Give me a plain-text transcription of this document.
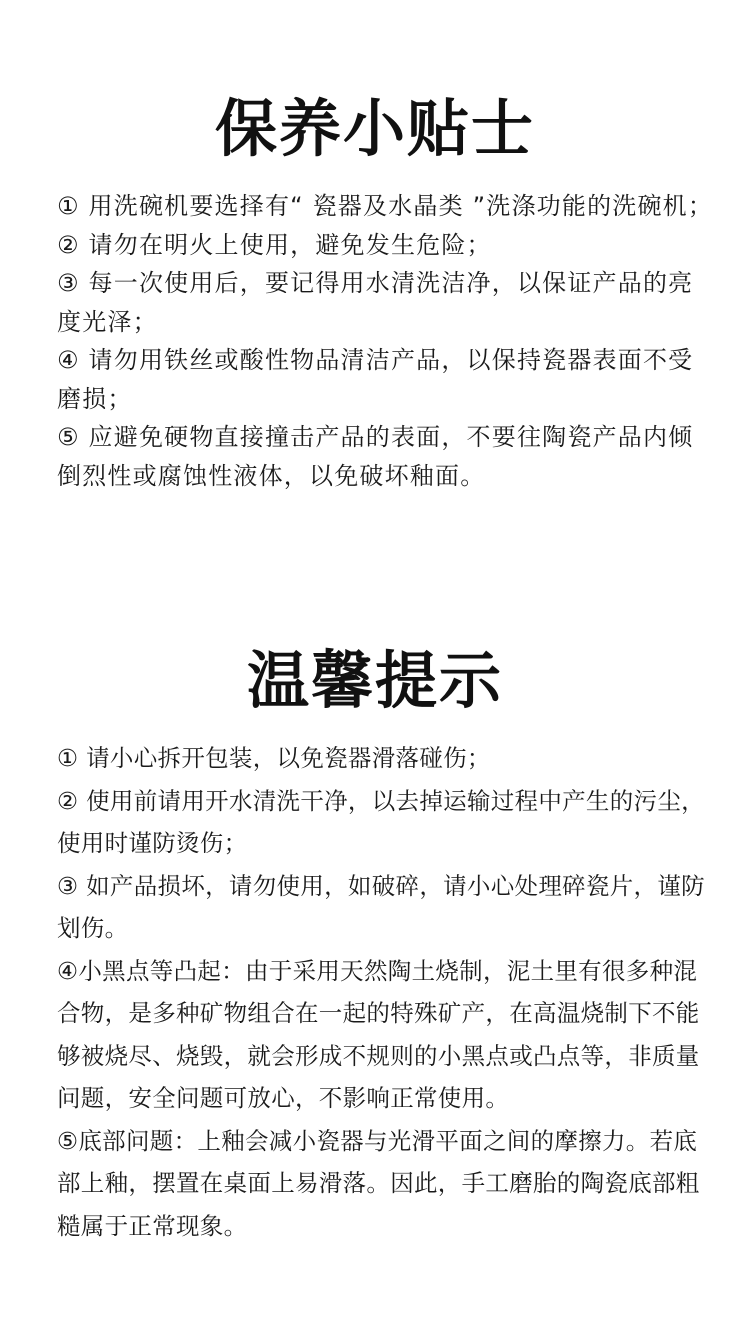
保养小贴士
① 用洗碗机要选择有“ 瓷器及水晶类 ”洗涤功能的洗碗机；
② 请勿在明火上使用，避免发生危险；
③ 每一次使用后，要记得用水清洗洁净，以保证产品的亮度光泽；
④ 请勿用铁丝或酸性物品清洁产品，以保持瓷器表面不受磨损；
⑤ 应避免硬物直接撞击产品的表面，不要往陶瓷产品内倾倒烈性或腐蚀性液体，以免破坏釉面。
温馨提示
① 请小心拆开包装，以免瓷器滑落碰伤；
② 使用前请用开水清洗干净，以去掉运输过程中产生的污尘，使用时谨防烫伤；
③ 如产品损坏，请勿使用，如破碎，请小心处理碎瓷片，谨防划伤。
④小黑点等凸起：由于采用天然陶土烧制，泥土里有很多种混合物，是多种矿物组合在一起的特殊矿产，在高温烧制下不能够被烧尽、烧毁，就会形成不规则的小黑点或凸点等，非质量问题，安全问题可放心，不影响正常使用。
⑤底部问题：上釉会减小瓷器与光滑平面之间的摩擦力。若底部上釉，摆置在桌面上易滑落。因此，手工磨胎的陶瓷底部粗糙属于正常现象。
